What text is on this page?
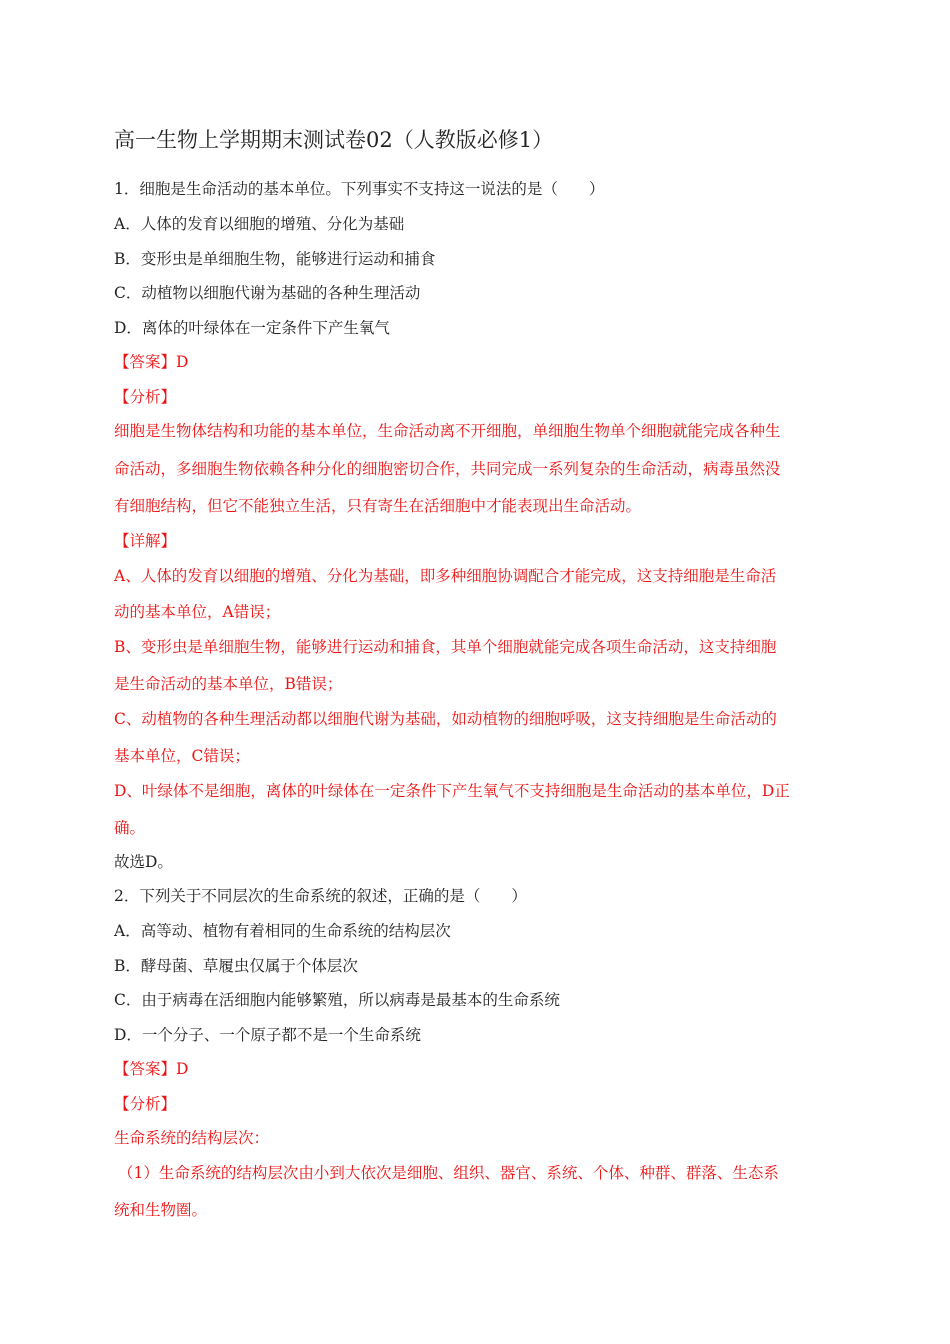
高一生物上学期期末测试卷02（人教版必修1）
1．细胞是生命活动的基本单位。下列事实不支持这一说法的是（　　）
A．人体的发育以细胞的增殖、分化为基础
B．变形虫是单细胞生物，能够进行运动和捕食
C．动植物以细胞代谢为基础的各种生理活动
D．离体的叶绿体在一定条件下产生氧气
【答案】D
【分析】
细胞是生物体结构和功能的基本单位，生命活动离不开细胞，单细胞生物单个细胞就能完成各种生
命活动，多细胞生物依赖各种分化的细胞密切合作，共同完成一系列复杂的生命活动，病毒虽然没
有细胞结构，但它不能独立生活，只有寄生在活细胞中才能表现出生命活动。
【详解】
A、人体的发育以细胞的增殖、分化为基础，即多种细胞协调配合才能完成，这支持细胞是生命活
动的基本单位，A错误；
B、变形虫是单细胞生物，能够进行运动和捕食，其单个细胞就能完成各项生命活动，这支持细胞
是生命活动的基本单位，B错误；
C、动植物的各种生理活动都以细胞代谢为基础，如动植物的细胞呼吸，这支持细胞是生命活动的
基本单位，C错误；
D、叶绿体不是细胞，离体的叶绿体在一定条件下产生氧气不支持细胞是生命活动的基本单位，D正
确。
故选D。
2．下列关于不同层次的生命系统的叙述，正确的是（　　）
A．高等动、植物有着相同的生命系统的结构层次
B．酵母菌、草履虫仅属于个体层次
C．由于病毒在活细胞内能够繁殖，所以病毒是最基本的生命系统
D．一个分子、一个原子都不是一个生命系统
【答案】D
【分析】
生命系统的结构层次：
（1）生命系统的结构层次由小到大依次是细胞、组织、器官、系统、个体、种群、群落、生态系
统和生物圈。
